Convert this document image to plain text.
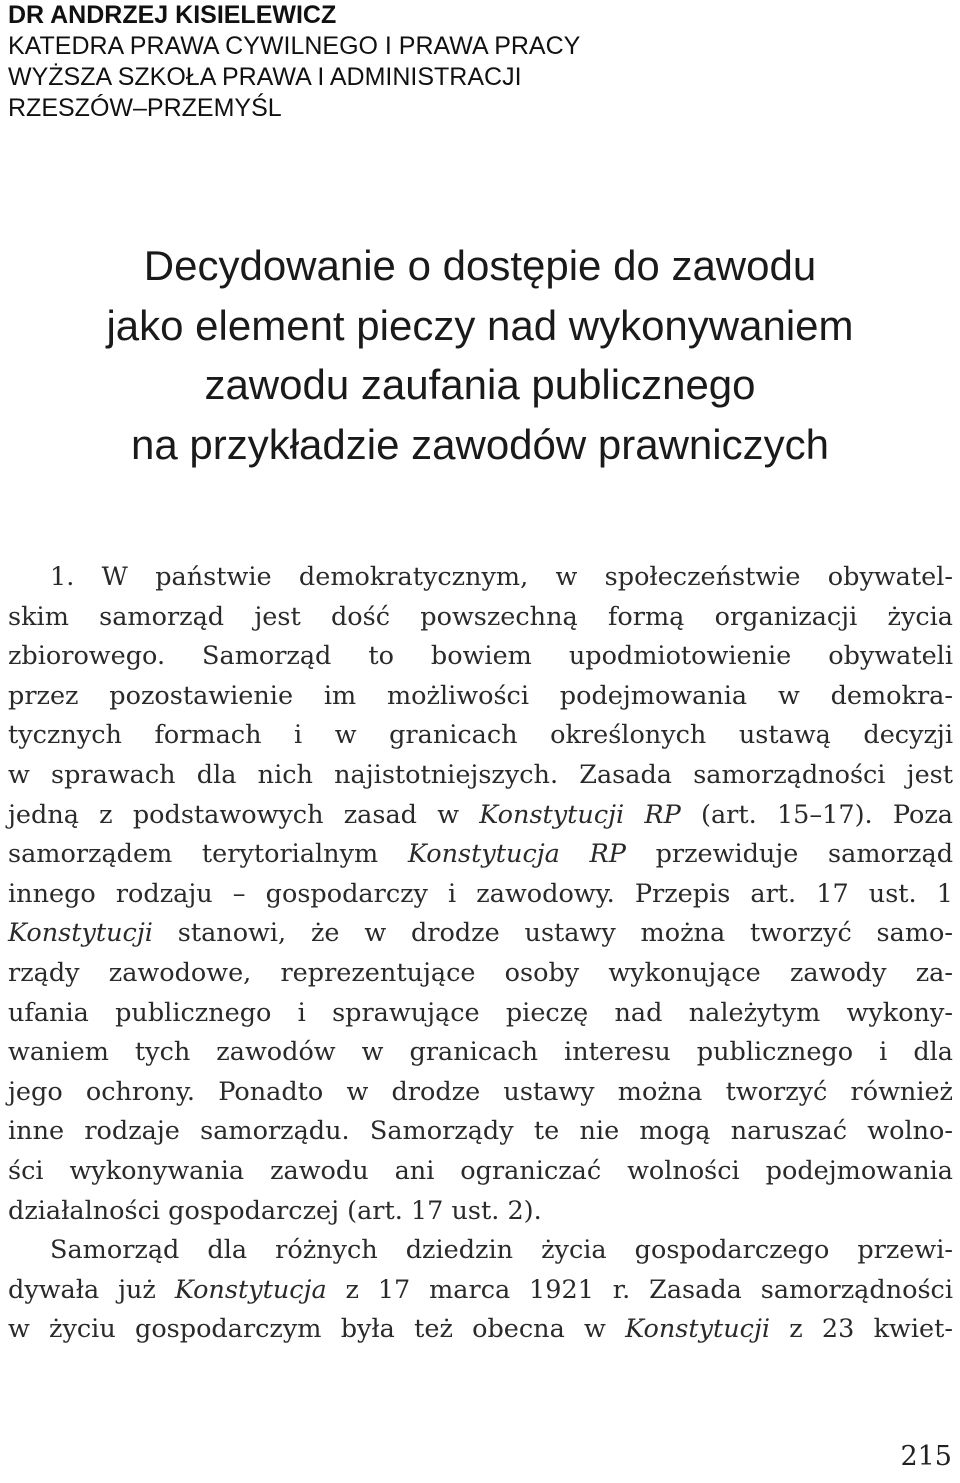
DR ANDRZEJ KISIELEWICZ
KATEDRA PRAWA CYWILNEGO I PRAWA PRACY
WYŻSZA SZKOŁA PRAWA I ADMINISTRACJI
RZESZÓW–PRZEMYŚL
Decydowanie o dostępie do zawodu
jako element pieczy nad wykonywaniem
zawodu zaufania publicznego
na przykładzie zawodów prawniczych
1. W państwie demokratycznym, w społeczeństwie obywatel-
skim samorząd jest dość powszechną formą organizacji życia
zbiorowego. Samorząd to bowiem upodmiotowienie obywateli
przez pozostawienie im możliwości podejmowania w demokra-
tycznych formach i w granicach określonych ustawą decyzji
w sprawach dla nich najistotniejszych. Zasada samorządności jest
jedną z podstawowych zasad w Konstytucji RP (art. 15–17). Poza
samorządem terytorialnym Konstytucja RP przewiduje samorząd
innego rodzaju – gospodarczy i zawodowy. Przepis art. 17 ust. 1
Konstytucji stanowi, że w drodze ustawy można tworzyć samo-
rządy zawodowe, reprezentujące osoby wykonujące zawody za-
ufania publicznego i sprawujące pieczę nad należytym wykony-
waniem tych zawodów w granicach interesu publicznego i dla
jego ochrony. Ponadto w drodze ustawy można tworzyć również
inne rodzaje samorządu. Samorządy te nie mogą naruszać wolno-
ści wykonywania zawodu ani ograniczać wolności podejmowania
działalności gospodarczej (art. 17 ust. 2).
Samorząd dla różnych dziedzin życia gospodarczego przewi-
dywała już Konstytucja z 17 marca 1921 r. Zasada samorządności
w życiu gospodarczym była też obecna w Konstytucji z 23 kwiet-
215
